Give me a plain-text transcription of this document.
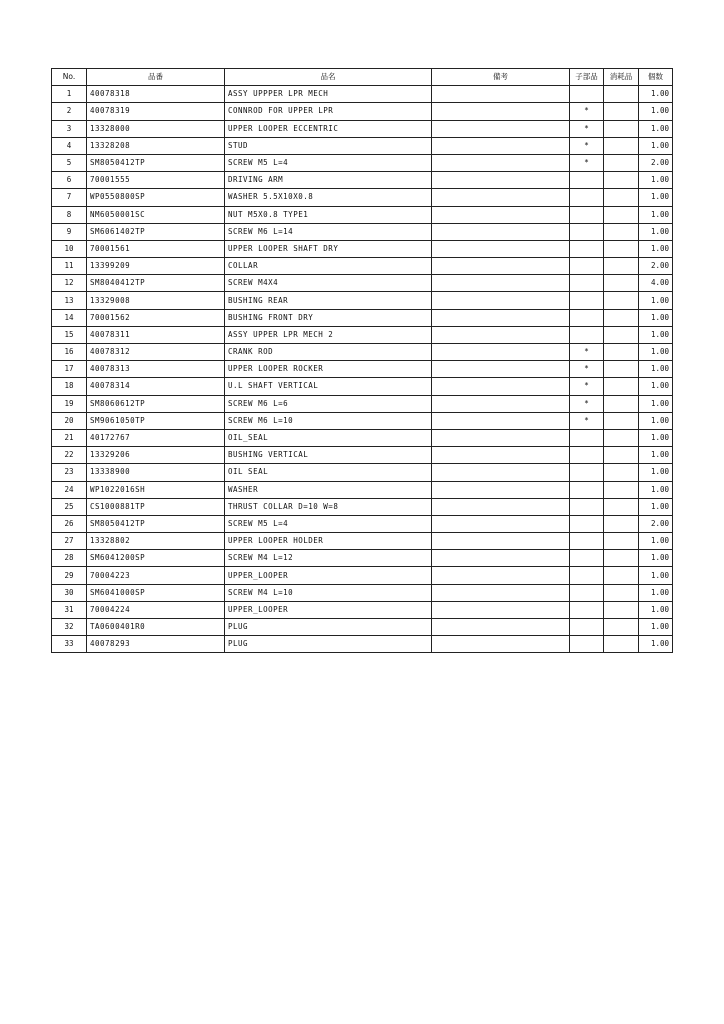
No.	品番	品名	備考	子部品	消耗品	個数
1	40078318	ASSY UPPPER LPR MECH				1.00
2	40078319	CONNROD FOR UPPER LPR		*		1.00
3	13328000	UPPER LOOPER ECCENTRIC		*		1.00
4	13328208	STUD		*		1.00
5	SM8050412TP	SCREW M5 L=4		*		2.00
6	70001555	DRIVING ARM				1.00
7	WP0550800SP	WASHER 5.5X10X0.8				1.00
8	NM6050001SC	NUT M5X0.8 TYPE1				1.00
9	SM6061402TP	SCREW M6 L=14				1.00
10	70001561	UPPER LOOPER SHAFT DRY				1.00
11	13399209	COLLAR				2.00
12	SM8040412TP	SCREW M4X4				4.00
13	13329008	BUSHING REAR				1.00
14	70001562	BUSHING FRONT DRY				1.00
15	40078311	ASSY UPPER LPR MECH 2				1.00
16	40078312	CRANK ROD		*		1.00
17	40078313	UPPER LOOPER ROCKER		*		1.00
18	40078314	U.L SHAFT VERTICAL		*		1.00
19	SM8060612TP	SCREW M6 L=6		*		1.00
20	SM9061050TP	SCREW M6 L=10		*		1.00
21	40172767	OIL_SEAL				1.00
22	13329206	BUSHING VERTICAL				1.00
23	13338900	OIL SEAL				1.00
24	WP1022016SH	WASHER				1.00
25	CS1000881TP	THRUST COLLAR D=10 W=8				1.00
26	SM8050412TP	SCREW M5 L=4				2.00
27	13328802	UPPER LOOPER HOLDER				1.00
28	SM6041200SP	SCREW M4 L=12				1.00
29	70004223	UPPER_LOOPER				1.00
30	SM6041000SP	SCREW M4 L=10				1.00
31	70004224	UPPER_LOOPER				1.00
32	TA0600401R0	PLUG				1.00
33	40078293	PLUG				1.00
